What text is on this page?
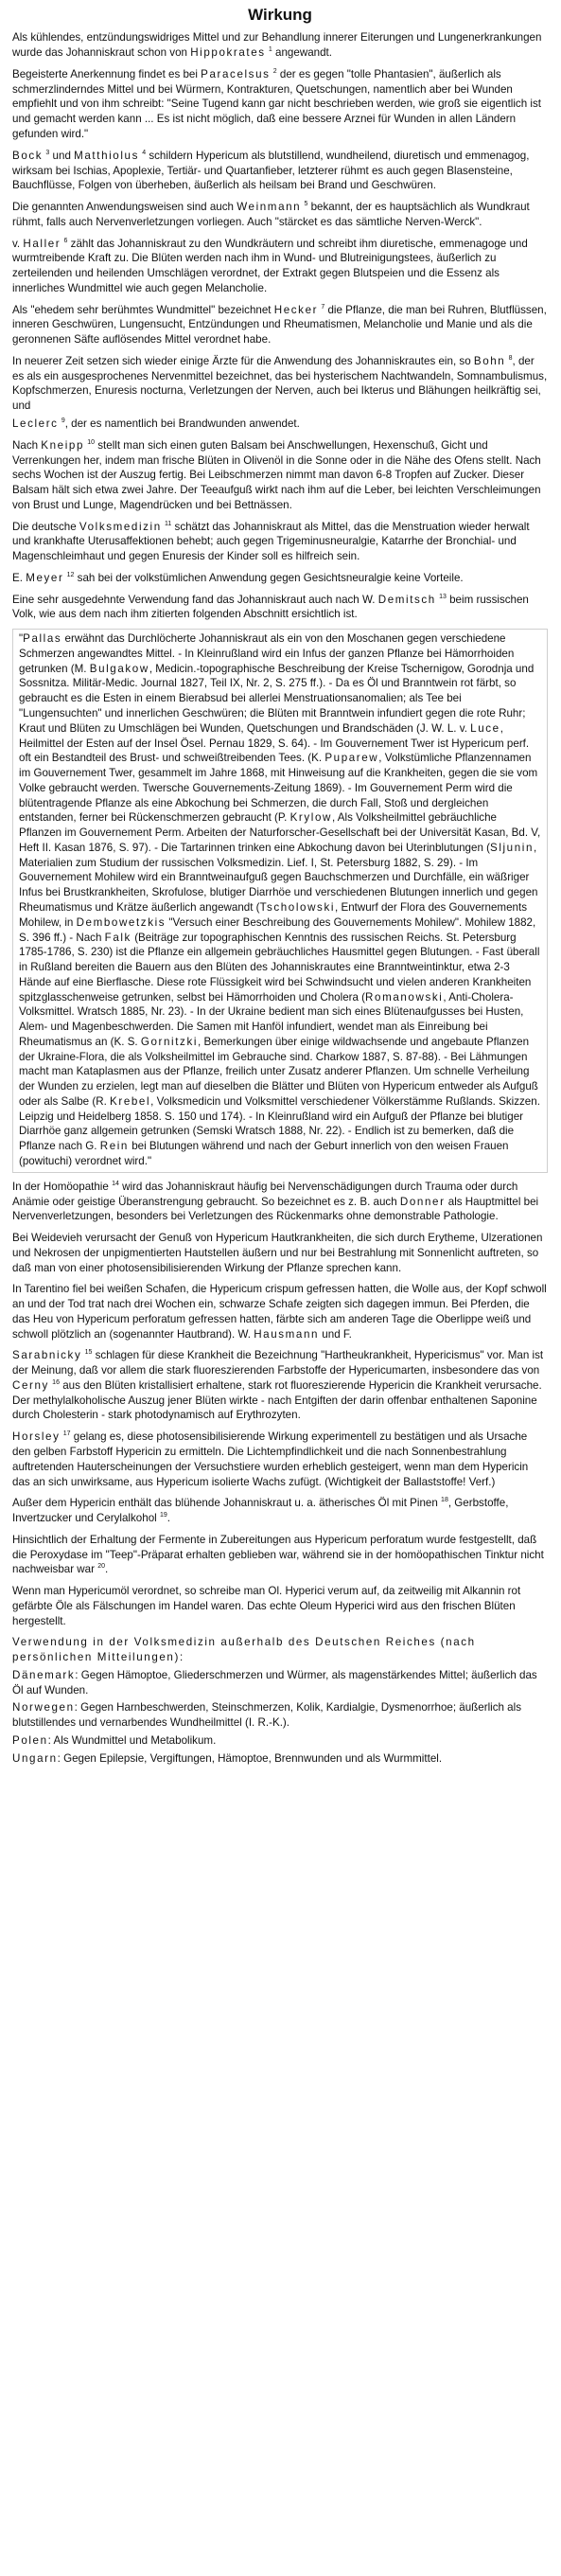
Wirkung

Als kühlendes, entzündungswidriges Mittel und zur Behandlung innerer Eiterungen und Lungenerkrankungen wurde das Johanniskraut schon von Hippokrates $^1$ angewandt.

Begeisterte Anerkennung findet es bei Paracelsus $^2$ der es gegen "tolle Phantasien", äußerlich als schmerzlinderndes Mittel und bei Würmern, Kontrakturen, Quetschungen, namentlich aber bei Wunden empfiehlt und von ihm schreibt: "Seine Tugend kann gar nicht beschrieben werden, wie groß sie eigentlich ist und gemacht werden kann ... Es ist nicht möglich, daß eine bessere Arznei für Wunden in allen Ländern gefunden wird."

Bock $^3$ und Matthiolus $^4$ schildern Hypericum als blutstillend, wundheilend, diuretisch und emmenagog, wirksam bei Ischias, Apoplexie, Tertiär- und Quartanfieber, letzterer rühmt es auch gegen Blasensteine, Bauchflüsse, Folgen von überheben, äußerlich als heilsam bei Brand und Geschwüren.

Die genannten Anwendungsweisen sind auch Weinmann $^5$ bekannt, der es hauptsächlich als Wundkraut rühmt, falls auch Nervenverletzungen vorliegen. Auch "stärcket es das sämtliche Nerven-Werck".

v. Haller $^6$ zählt das Johanniskraut zu den Wundkräutern und schreibt ihm diuretische, emmenagoge und wurmtreibende Kraft zu. Die Blüten werden nach ihm in Wund- und Blutreinigungstees, äußerlich zu zerteilenden und heilenden Umschlägen verordnet, der Extrakt gegen Blutspeien und die Essenz als innerliches Wundmittel wie auch gegen Melancholie.

Als "ehedem sehr berühmtes Wundmittel" bezeichnet Hecker $^7$ die Pflanze, die man bei Ruhren, Blutflüssen, inneren Geschwüren, Lungensucht, Entzündungen und Rheumatismen, Melancholie und Manie und als die geronnenen Säfte auflösendes Mittel verordnet habe.

In neuerer Zeit setzen sich wieder einige Ärzte für die Anwendung des Johanniskrautes ein, so Bohn $^8$, der es als ein ausgesprochenes Nervenmittel bezeichnet, das bei hysterischem Nachtwandeln, Somnambulismus, Kopfschmerzen, Enuresis nocturna, Verletzungen der Nerven, auch bei Ikterus und Blähungen heilkräftig sei, und

Leclerc $^9$, der es namentlich bei Brandwunden anwendet.

Nach Kneipp $^{10}$ stellt man sich einen guten Balsam bei Anschwellungen, Hexenschuß, Gicht und Verrenkungen her, indem man frische Blüten in Olivenöl in die Sonne oder in die Nähe des Ofens stellt. Nach sechs Wochen ist der Auszug fertig. Bei Leibschmerzen nimmt man davon 6-8 Tropfen auf Zucker. Dieser Balsam hält sich etwa zwei Jahre. Der Teeaufguß wirkt nach ihm auf die Leber, bei leichten Verschleimungen von Brust und Lunge, Magendrücken und bei Bettnässen.

Die deutsche Volksmedizin $^{11}$ schätzt das Johanniskraut als Mittel, das die Menstruation wieder herwalt und krankhafte Uterusaffektionen behebt; auch gegen Trigeminusneuralgie, Katarrhe der Bronchial- und Magenschleimhaut und gegen Enuresis der Kinder soll es hilfreich sein.

E. Meyer $^{12}$ sah bei der volkstümlichen Anwendung gegen Gesichtsneuralgie keine Vorteile.

Eine sehr ausgedehnte Verwendung fand das Johanniskraut auch nach W. Demitsch $^{13}$ beim russischen Volk, wie aus dem nach ihm zitierten folgenden Abschnitt ersichtlich ist.

"Pallas erwähnt das Durchlöcherte Johanniskraut als ein von den Moschanen gegen verschiedene Schmerzen angewandtes Mittel. - In Kleinrußland wird ein Infus der ganzen Pflanze bei Hämorrhoiden getrunken (M. Bulgakow, Medicin.-topographische Beschreibung der Kreise Tschernigow, Gorodnja und Sossnitza. Militär-Medic. Journal 1827, Teil IX, Nr. 2, S. 275 ff.). - Da es Öl und Branntwein rot färbt, so gebraucht es die Esten in einem Bierabsud bei allerlei Menstruationsanomalien; als Tee bei "Lungensuchten" und innerlichen Geschwüren; die Blüten mit Branntwein infundiert gegen die rote Ruhr; Kraut und Blüten zu Umschlägen bei Wunden, Quetschungen und Brandschäden (J. W. L. v. Luce, Heilmittel der Esten auf der Insel Ösel. Pernau 1829, S. 64). - Im Gouvernement Twer ist Hypericum perf. oft ein Bestandteil des Brust- und schweißtreibenden Tees. (K. Puparew, Volkstümliche Pflanzennamen im Gouvernement Twer, gesammelt im Jahre 1868, mit Hinweisung auf die Krankheiten, gegen die sie vom Volke gebraucht werden. Twersche Gouvernements-Zeitung 1869). - Im Gouvernement Perm wird die blütentragende Pflanze als eine Abkochung bei Schmerzen, die durch Fall, Stoß und dergleichen entstanden, ferner bei Rückenschmerzen gebraucht (P. Krylow, Als Volksheilmittel gebräuchliche Pflanzen im Gouvernement Perm. Arbeiten der Naturforscher-Gesellschaft bei der Universität Kasan, Bd. V, Heft II. Kasan 1876, S. 97). - Die Tartarinnen trinken eine Abkochung davon bei Uterinblutungen (Sljunin, Materialien zum Studium der russischen Volksmedizin. Lief. I, St. Petersburg 1882, S. 29). - Im Gouvernement Mohilew wird ein Branntweinaufguß gegen Bauchschmerzen und Durchfälle, ein wäßriger Infus bei Brustkrankheiten, Skrofulose, blutiger Diarrhöe und verschiedenen Blutungen innerlich und gegen Rheumatismus und Krätze äußerlich angewandt (Tscholowski, Entwurf der Flora des Gouvernements Mohilew, in Dembowetzkis "Versuch einer Beschreibung des Gouvernements Mohilew". Mohilew 1882, S. 396 ff.) - Nach Falk (Beiträge zur topographischen Kenntnis des russischen Reichs. St. Petersburg 1785-1786, S. 230) ist die Pflanze ein allgemein gebräuchliches Hausmittel gegen Blutungen. - Fast überall in Rußland bereiten die Bauern aus den Blüten des Johanniskrautes eine Branntweintinktur, etwa 2-3 Hände auf eine Bierflasche. Diese rote Flüssigkeit wird bei Schwindsucht und vielen anderen Krankheiten spitzglasschenweise getrunken, selbst bei Hämorrhoiden und Cholera (Romanowski, Anti-Cholera-Volksmittel. Wratsch 1885, Nr. 23). - In der Ukraine bedient man sich eines Blütenaufgusses bei Husten, Alem- und Magenbeschwerden. Die Samen mit Hanföl infundiert, wendet man als Einreibung bei Rheumatismus an (K. S. Gornitzki, Bemerkungen über einige wildwachsende und angebaute Pflanzen der Ukraine-Flora, die als Volksheilmittel im Gebrauche sind. Charkow 1887, S. 87-88). - Bei Lähmungen macht man Kataplasmen aus der Pflanze, freilich unter Zusatz anderer Pflanzen. Um schnelle Verheilung der Wunden zu erzielen, legt man auf dieselben die Blätter und Blüten von Hypericum entweder als Aufguß oder als Salbe (R. Krebel, Volksmedicin und Volksmittel verschiedener Völkerstämme Rußlands. Skizzen. Leipzig und Heidelberg 1858. S. 150 und 174). - In Kleinrußland wird ein Aufguß der Pflanze bei blutiger Diarrhöe ganz allgemein getrunken (Semski Wratsch 1888, Nr. 22). - Endlich ist zu bemerken, daß die Pflanze nach G. Rein bei Blutungen während und nach der Geburt innerlich von den weisen Frauen (powituchi) verordnet wird."

In der Homöopathie $^{14}$ wird das Johanniskraut häufig bei Nervenschädigungen durch Trauma oder durch Anämie oder geistige Überanstrengung gebraucht. So bezeichnet es z. B. auch Donner als Hauptmittel bei Nervenverletzungen, besonders bei Verletzungen des Rückenmarks ohne demonstrable Pathologie.

Bei Weidevieh verursacht der Genuß von Hypericum Hautkrankheiten, die sich durch Erytheme, Ulzerationen und Nekrosen der unpigmentierten Hautstellen äußern und nur bei Bestrahlung mit Sonnenlicht auftreten, so daß man von einer photosensibilisierenden Wirkung der Pflanze sprechen kann.

In Tarentino fiel bei weißen Schafen, die Hypericum crispum gefressen hatten, die Wolle aus, der Kopf schwoll an und der Tod trat nach drei Wochen ein, schwarze Schafe zeigten sich dagegen immun. Bei Pferden, die das Heu von Hypericum perforatum gefressen hatten, färbte sich am anderen Tage die Oberlippe weiß und schwoll plötzlich an (sogenannter Hautbrand). W. Hausmann und F.

Sarabnicky $^{15}$ schlagen für diese Krankheit die Bezeichnung "Hartheukrankheit, Hypericismus" vor. Man ist der Meinung, daß vor allem die stark fluoreszierenden Farbstoffe der Hypericumarten, insbesondere das von Cerny $^{16}$ aus den Blüten kristallisiert erhaltene, stark rot fluoreszierende Hypericin die Krankheit verursache. Der methylalkoholische Auszug jener Blüten wirkte - nach Entgiften der darin offenbar enthaltenen Saponine durch Cholesterin - stark photodynamisch auf Erythrozyten.

Horsley $^{17}$ gelang es, diese photosensibilisierende Wirkung experimentell zu bestätigen und als Ursache den gelben Farbstoff Hypericin zu ermitteln. Die Lichtempfindlichkeit und die nach Sonnenbestrahlung auftretenden Hauterscheinungen der Versuchstiere wurden erheblich gesteigert, wenn man dem Hypericin das an sich unwirksame, aus Hypericum isolierte Wachs zufügt. (Wichtigkeit der Ballaststoffe! Verf.)

Außer dem Hypericin enthält das blühende Johanniskraut u. a. ätherisches Öl mit Pinen $^{18}$, Gerbstoffe, Invertzucker und Cerylalkohol $^{19}$.

Hinsichtlich der Erhaltung der Fermente in Zubereitungen aus Hypericum perforatum wurde festgestellt, daß die Peroxydase im "Teep"-Präparat erhalten geblieben war, während sie in der homöopathischen Tinktur nicht nachweisbar war $^{20}$.

Wenn man Hypericumöl verordnet, so schreibe man Ol. Hyperici verum auf, da zeitweilig mit Alkannin rot gefärbte Öle als Fälschungen im Handel waren. Das echte Oleum Hyperici wird aus den frischen Blüten hergestellt.

Verwendung in der Volksmedizin außerhalb des Deutschen Reiches (nach persönlichen Mitteilungen):
Dänemark: Gegen Hämoptoe, Gliederschmerzen und Würmer, als magenstärkendes Mittel; äußerlich das Öl auf Wunden.
Norwegen: Gegen Harnbeschwerden, Steinschmerzen, Kolik, Kardialgie, Dysmenorrhoe; äußerlich als blutstillendes und vernarbendes Wundheilmittel (I. R.-K.).
Polen: Als Wundmittel und Metabolikum.
Ungarn: Gegen Epilepsie, Vergiftungen, Hämoptoe, Brennwunden und als Wurmmittel.
